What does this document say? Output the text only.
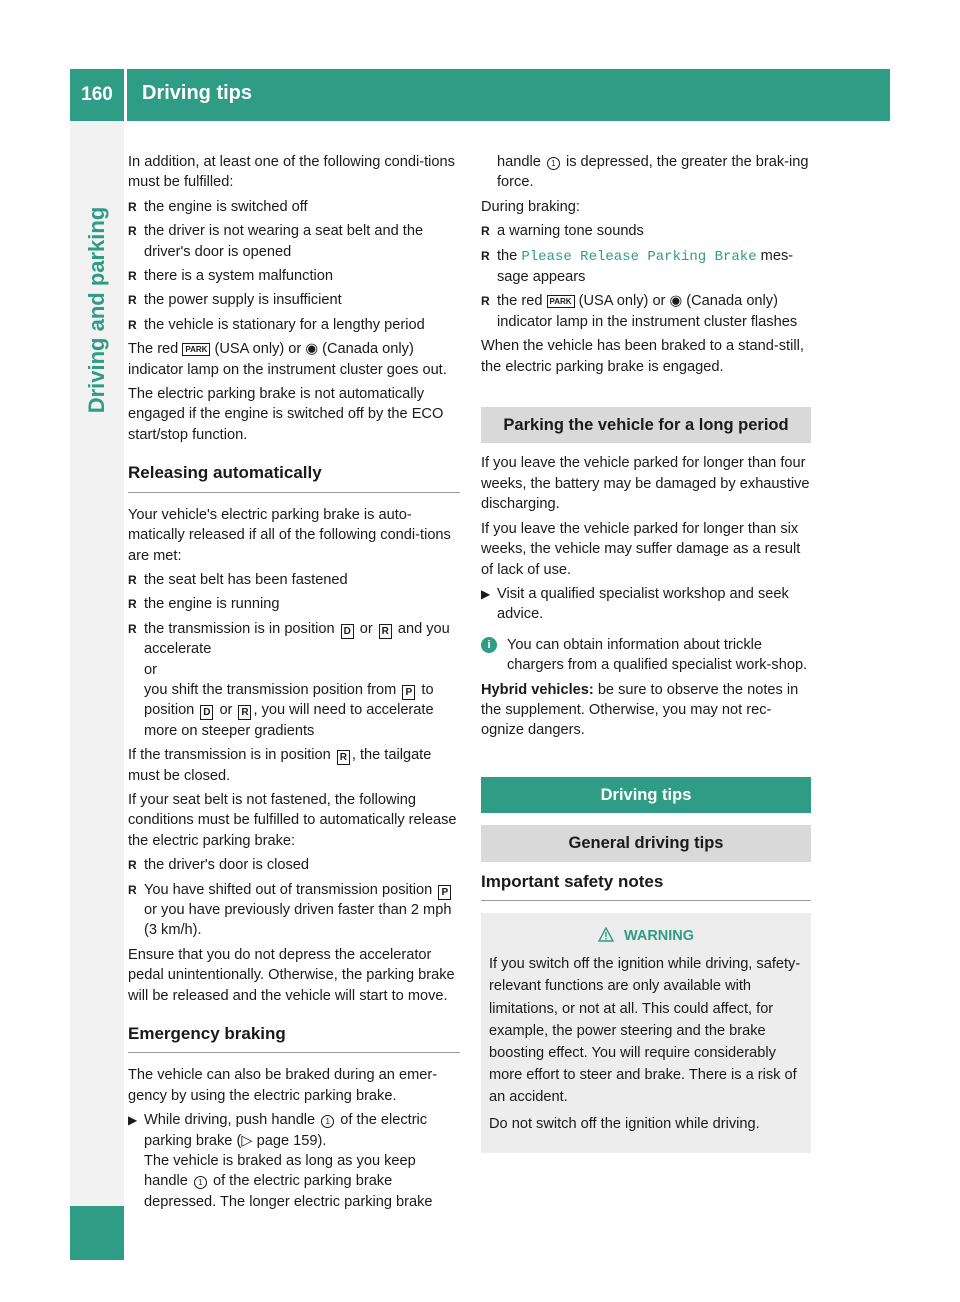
160	Driving tips
Driving and parking

In addition, at least one of the following condi-tions must be fulfilled:

R the engine is switched off

R the driver is not wearing a seat belt and the driver's door is opened

R there is a system malfunction

R the power supply is insufficient

R the vehicle is stationary for a lengthy period

The red PARK (USA only) or ◉ (Canada only) indicator lamp on the instrument cluster goes out.

The electric parking brake is not automatically engaged if the engine is switched off by the ECO start/stop function.

Releasing automatically

Your vehicle's electric parking brake is auto-matically released if all of the following condi-tions are met:

R the seat belt has been fastened

R the engine is running

R the transmission is in position D or R and you accelerate

or

you shift the transmission position from P to position D or R , you will need to accelerate more on steeper gradients

If the transmission is in position R , the tailgate must be closed.

If your seat belt is not fastened, the following conditions must be fulfilled to automatically release the electric parking brake:

R the driver's door is closed

R You have shifted out of transmission position P or you have previously driven faster than 2 mph (3 km/h).

Ensure that you do not depress the accelerator pedal unintentionally. Otherwise, the parking brake will be released and the vehicle will start to move.

Emergency braking

The vehicle can also be braked during an emer-gency by using the electric parking brake.

▶ While driving, push handle 1 of the electric parking brake (▷ page 159).

The vehicle is braked as long as you keep handle 1 of the electric parking brake depressed. The longer electric parking brake

handle 1 is depressed, the greater the brak-ing force.

During braking:

R a warning tone sounds

R the Please Release Parking Brake mes-sage appears

R the red PARK (USA only) or ◉ (Canada only) indicator lamp in the instrument cluster flashes

When the vehicle has been braked to a stand-still, the electric parking brake is engaged.

Parking the vehicle for a long period

If you leave the vehicle parked for longer than four weeks, the battery may be damaged by exhaustive discharging.

If you leave the vehicle parked for longer than six weeks, the vehicle may suffer damage as a result of lack of use.

▶ Visit a qualified specialist workshop and seek advice.
i	You can obtain information about trickle chargers from a qualified specialist work-shop.

Hybrid vehicles: be sure to observe the notes in the supplement. Otherwise, you may not rec-ognize dangers.

Driving tips
General driving tips
Important safety notes
WARNING

If you switch off the ignition while driving, safety-relevant functions are only available with limitations, or not at all. This could affect, for example, the power steering and the brake boosting effect. You will require considerably more effort to steer and brake. There is a risk of an accident.

Do not switch off the ignition while driving.
